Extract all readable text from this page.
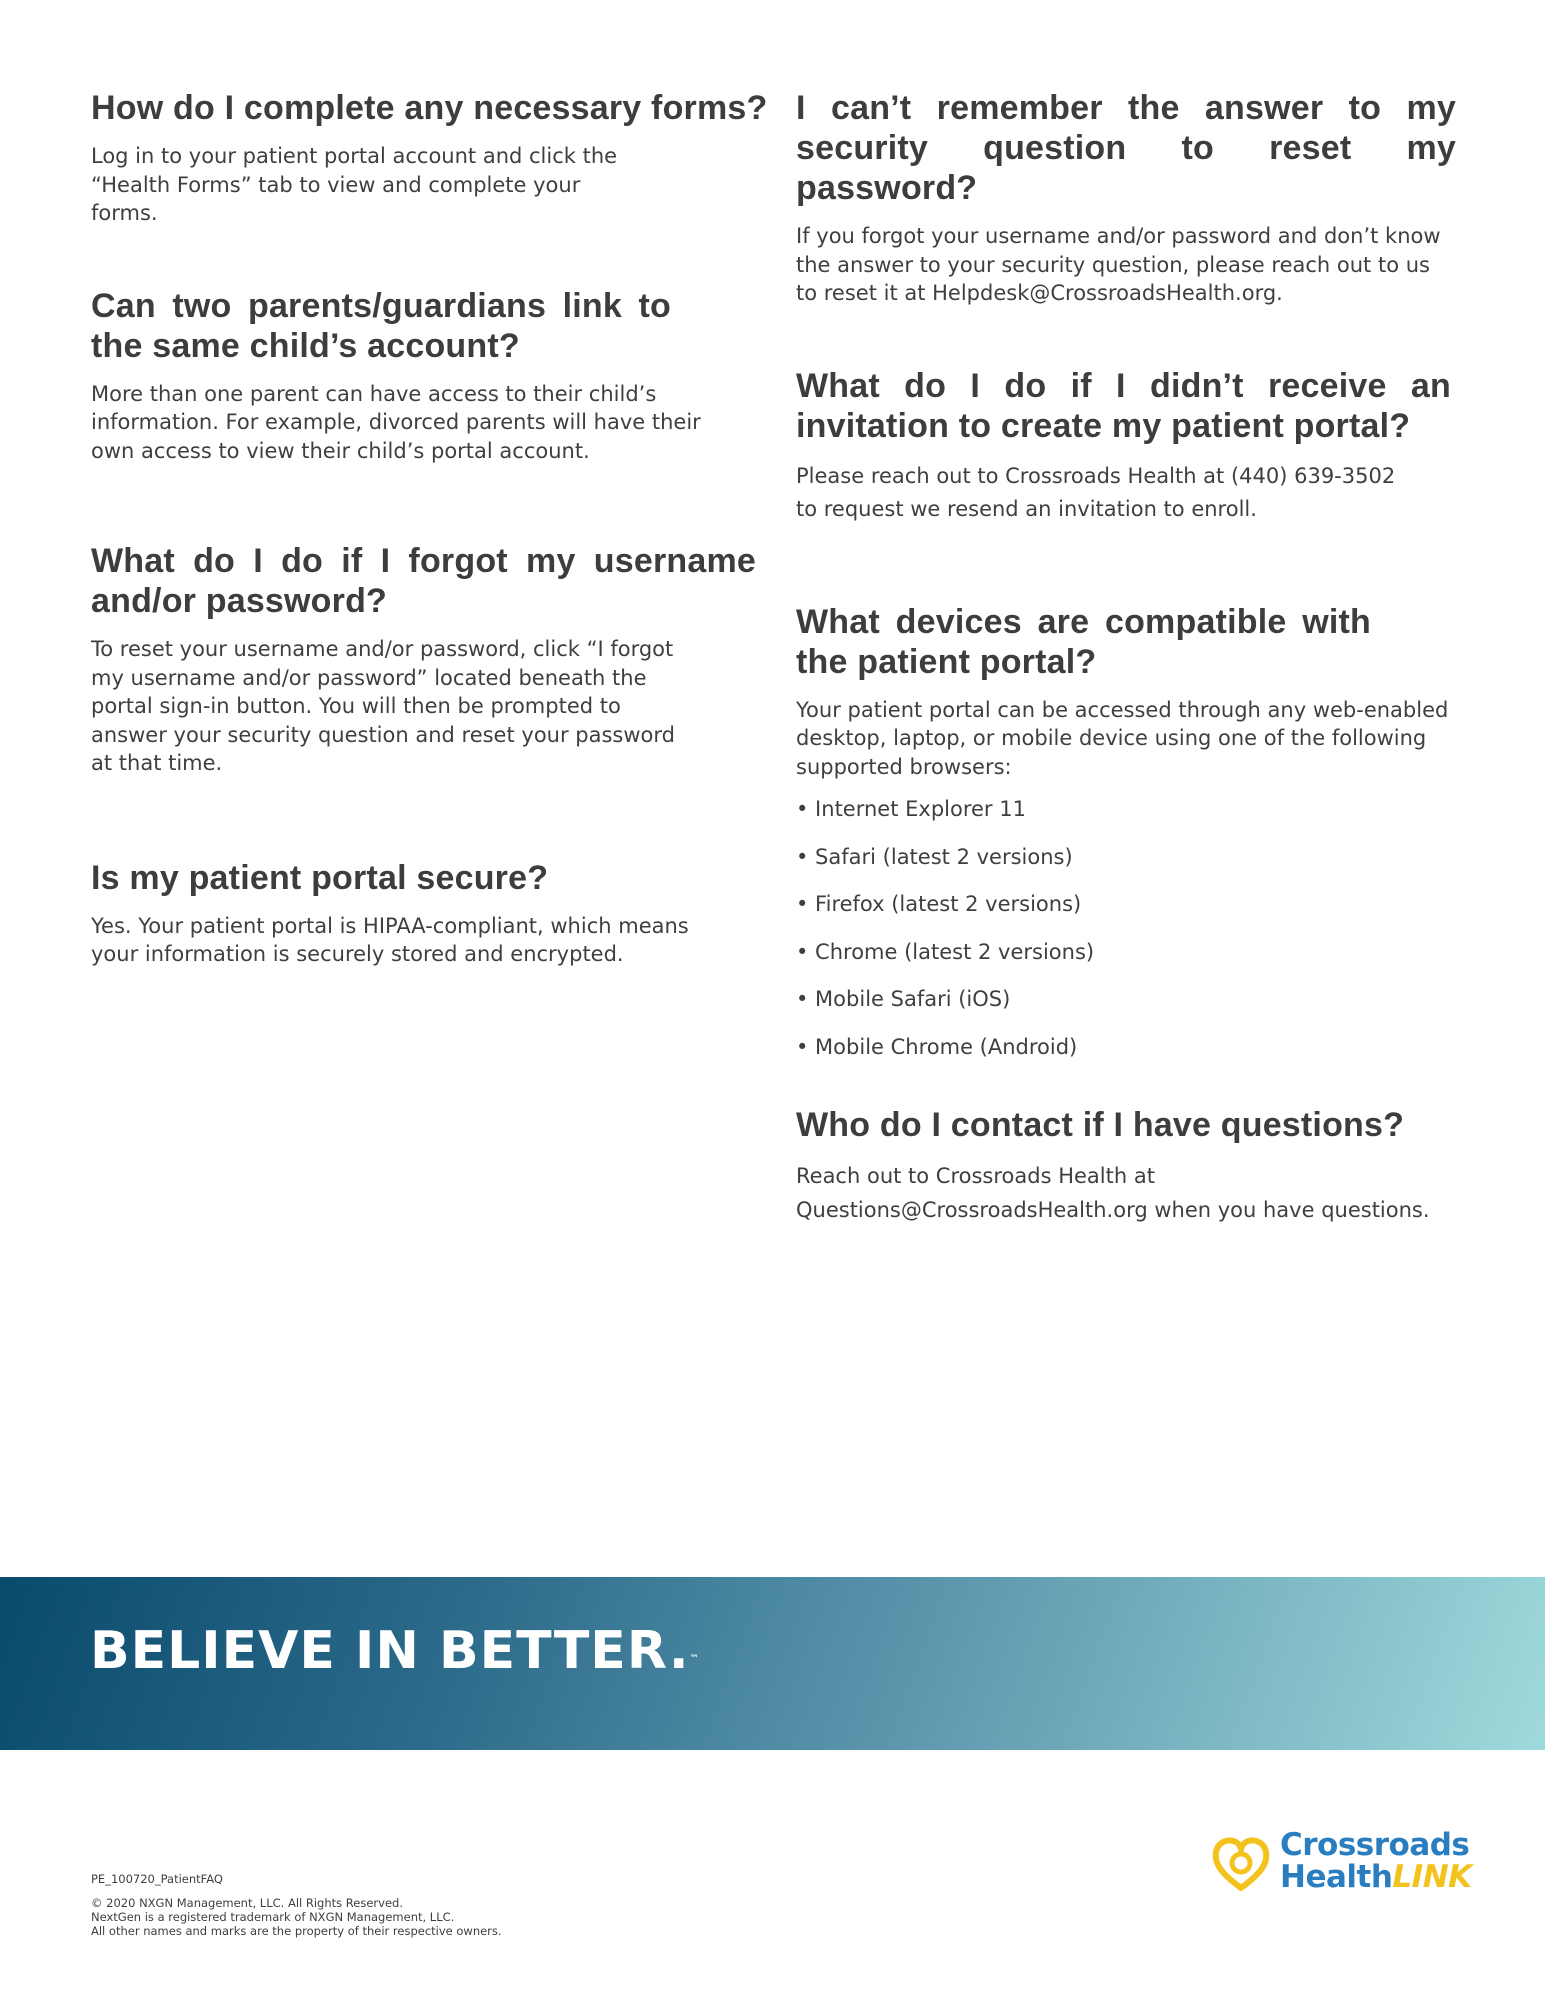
How do I complete any necessary forms?

Log in to your patient portal account and click the “Health Forms” tab to view and complete your forms.

Can two parents/guardians link to the same child’s account?

More than one parent can have access to their child’s information. For example, divorced parents will have their own access to view their child’s portal account.

What do I do if I forgot my username and/or password?

To reset your username and/or password, click “I forgot my username and/or password” located beneath the portal sign-in button. You will then be prompted to answer your security question and reset your password at that time.

Is my patient portal secure?

Yes. Your patient portal is HIPAA-compliant, which means your information is securely stored and encrypted.

I can’t remember the answer to my security question to reset my password?

If you forgot your username and/or password and don’t know the answer to your security question, please reach out to us to reset it at Helpdesk@CrossroadsHealth.org.

What do I do if I didn’t receive an invitation to create my patient portal?

Please reach out to Crossroads Health at (440) 639-3502 to request we resend an invitation to enroll.

What devices are compatible with the patient portal?

Your patient portal can be accessed through any web-enabled desktop, laptop, or mobile device using one of the following supported browsers:

• Internet Explorer 11
• Safari (latest 2 versions)
• Firefox (latest 2 versions)
• Chrome (latest 2 versions)
• Mobile Safari (iOS)
• Mobile Chrome (Android)
Who do I contact if I have questions?

Reach out to Crossroads Health at Questions@CrossroadsHealth.org when you have questions.

BELIEVE IN BETTER.™
PE_100720_PatientFAQ
© 2020 NXGN Management, LLC. All Rights Reserved.
NextGen is a registered trademark of NXGN Management, LLC.
All other names and marks are the property of their respective owners.
Crossroads
HealthLINK
